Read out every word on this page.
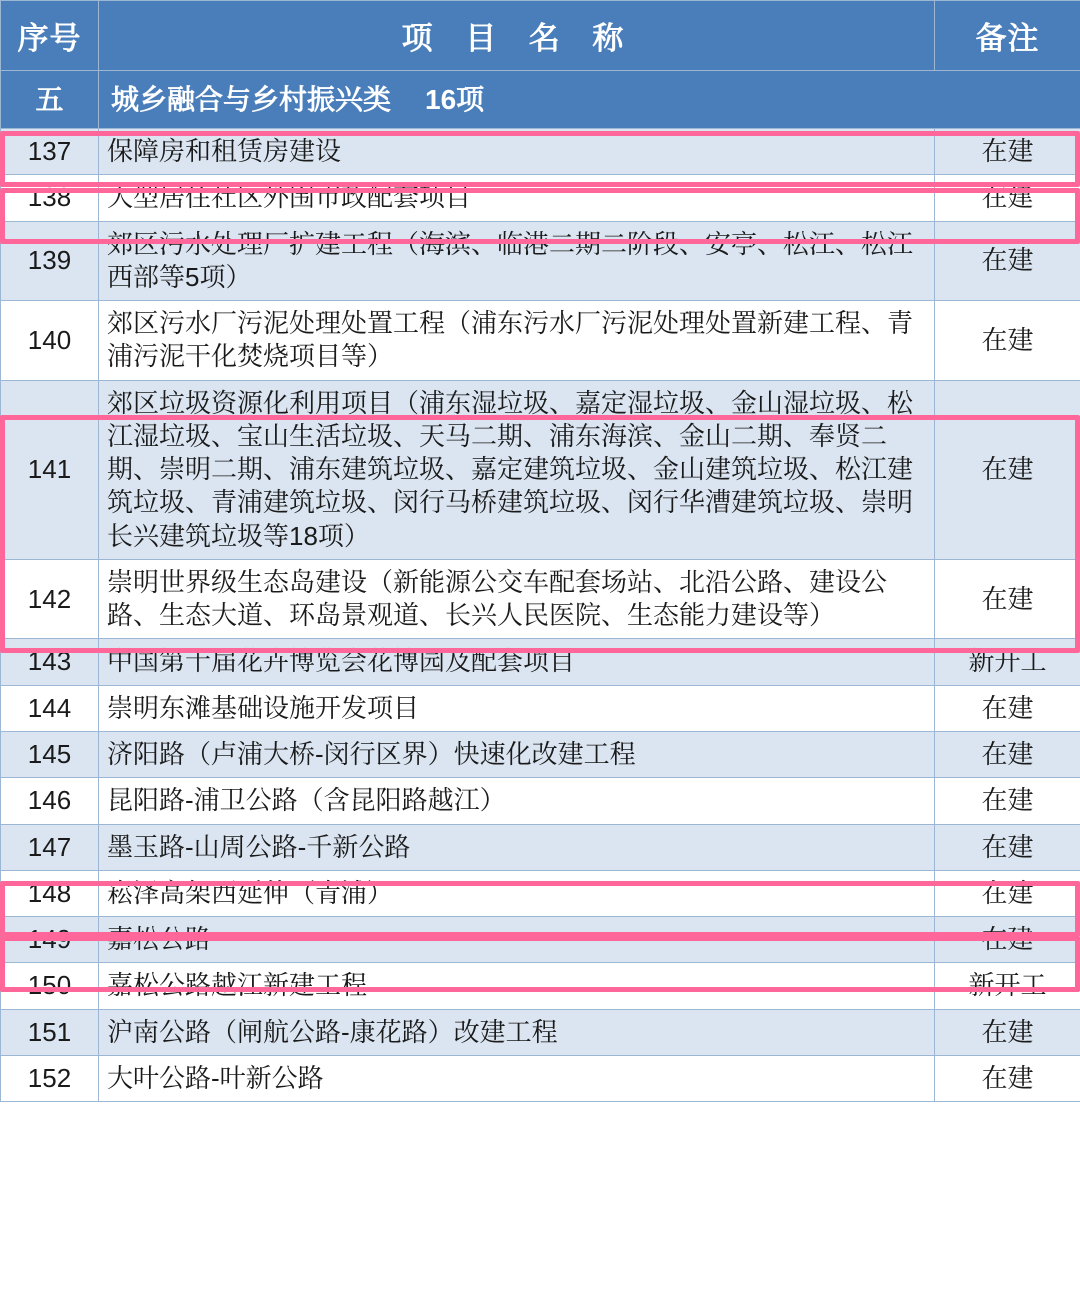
序号	项 目 名 称	备注
五	城乡融合与乡村振兴类 16项	
137	保障房和租赁房建设	在建
138	大型居住社区外围市政配套项目	在建
139	郊区污水处理厂扩建工程（海滨、临港二期二阶段、安亭、松江、松江西部等5项）	在建
140	郊区污水厂污泥处理处置工程（浦东污水厂污泥处理处置新建工程、青浦污泥干化焚烧项目等）	在建
141	郊区垃圾资源化利用项目（浦东湿垃圾、嘉定湿垃圾、金山湿垃圾、松江湿垃圾、宝山生活垃圾、天马二期、浦东海滨、金山二期、奉贤二期、崇明二期、浦东建筑垃圾、嘉定建筑垃圾、金山建筑垃圾、松江建筑垃圾、青浦建筑垃圾、闵行马桥建筑垃圾、闵行华漕建筑垃圾、崇明长兴建筑垃圾等18项）	在建
142	崇明世界级生态岛建设（新能源公交车配套场站、北沿公路、建设公路、生态大道、环岛景观道、长兴人民医院、生态能力建设等）	在建
143	中国第十届花卉博览会花博园及配套项目	新开工
144	崇明东滩基础设施开发项目	在建
145	济阳路（卢浦大桥-闵行区界）快速化改建工程	在建
146	昆阳路-浦卫公路（含昆阳路越江）	在建
147	墨玉路-山周公路-千新公路	在建
148	崧泽高架西延伸（青浦）	在建
149	嘉松公路	在建
150	嘉松公路越江新建工程	新开工
151	沪南公路（闸航公路-康花路）改建工程	在建
152	大叶公路-叶新公路	在建
